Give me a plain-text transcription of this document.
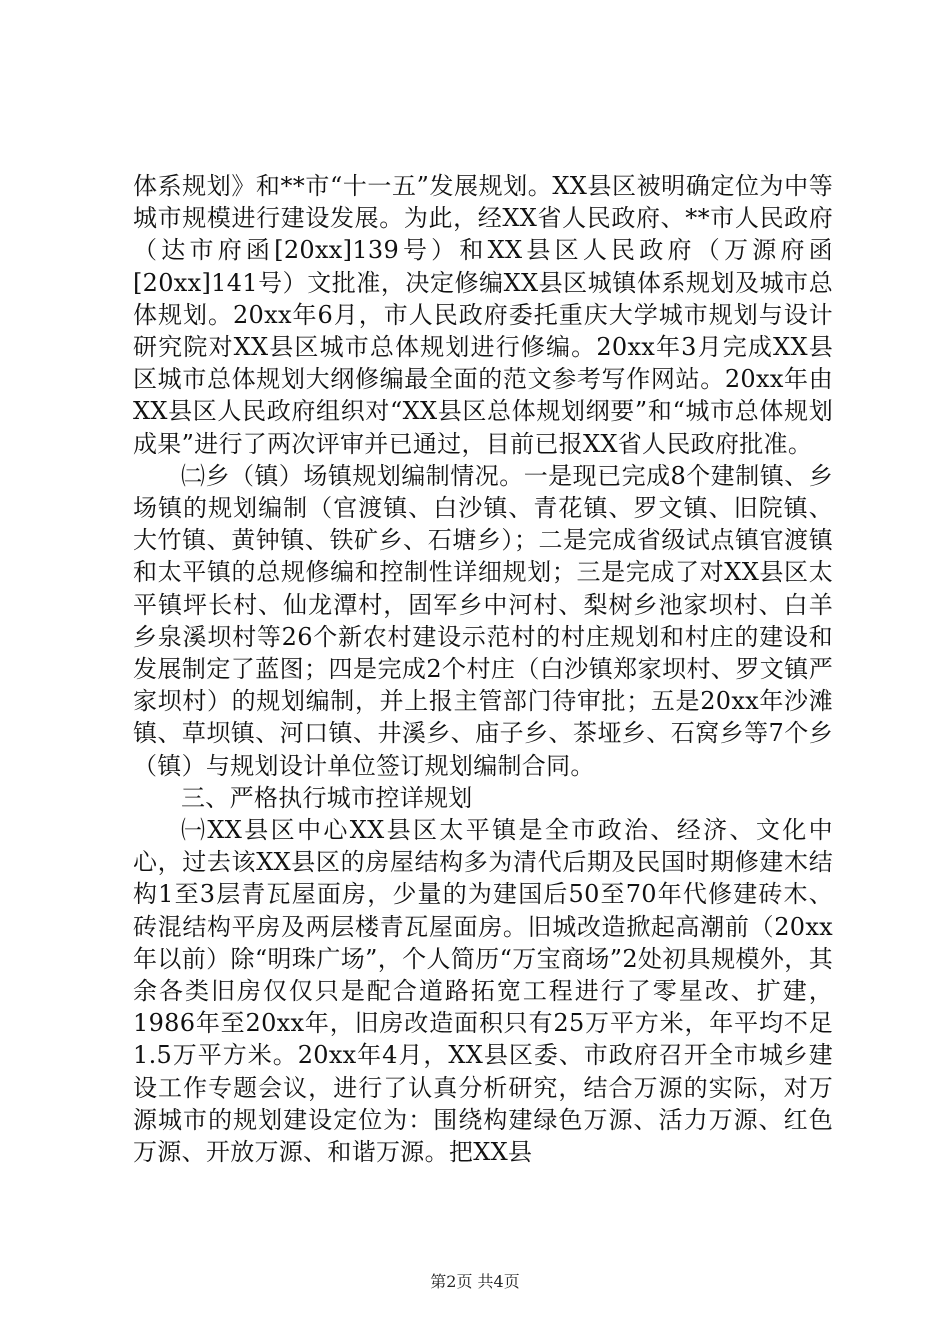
体系规划》和**市“十一五”发展规划。XX县区被明确定位为中等城市规模进行建设发展。为此，经XX省人民政府、**市人民政府（达市府函[20xx]139号）和XX县区人民政府（万源府函[20xx]141号）文批准，决定修编XX县区城镇体系规划及城市总体规划。20xx年6月，市人民政府委托重庆大学城市规划与设计研究院对XX县区城市总体规划进行修编。20xx年3月完成XX县区城市总体规划大纲修编最全面的范文参考写作网站。20xx年由XX县区人民政府组织对“XX县区总体规划纲要”和“城市总体规划成果”进行了两次评审并已通过，目前已报XX省人民政府批准。

㈡乡（镇）场镇规划编制情况。一是现已完成8个建制镇、乡场镇的规划编制（官渡镇、白沙镇、青花镇、罗文镇、旧院镇、大竹镇、黄钟镇、铁矿乡、石塘乡）；二是完成省级试点镇官渡镇和太平镇的总规修编和控制性详细规划；三是完成了对XX县区太平镇坪长村、仙龙潭村，固军乡中河村、梨树乡池家坝村、白羊乡泉溪坝村等26个新农村建设示范村的村庄规划和村庄的建设和发展制定了蓝图；四是完成2个村庄（白沙镇郑家坝村、罗文镇严家坝村）的规划编制，并上报主管部门待审批；五是20xx年沙滩镇、草坝镇、河口镇、井溪乡、庙子乡、茶垭乡、石窝乡等7个乡（镇）与规划设计单位签订规划编制合同。

三、严格执行城市控详规划

㈠XX县区中心XX县区太平镇是全市政治、经济、文化中心，过去该XX县区的房屋结构多为清代后期及民国时期修建木结构1至3层青瓦屋面房，少量的为建国后50至70年代修建砖木、砖混结构平房及两层楼青瓦屋面房。旧城改造掀起高潮前（20xx年以前）除“明珠广场”，个人简历“万宝商场”2处初具规模外，其余各类旧房仅仅只是配合道路拓宽工程进行了零星改、扩建，1986年至20xx年，旧房改造面积只有25万平方米，年平均不足1.5万平方米。20xx年4月，XX县区委、市政府召开全市城乡建设工作专题会议，进行了认真分析研究，结合万源的实际，对万源城市的规划建设定位为：围绕构建绿色万源、活力万源、红色万源、开放万源、和谐万源。把XX县

第2页 共4页
